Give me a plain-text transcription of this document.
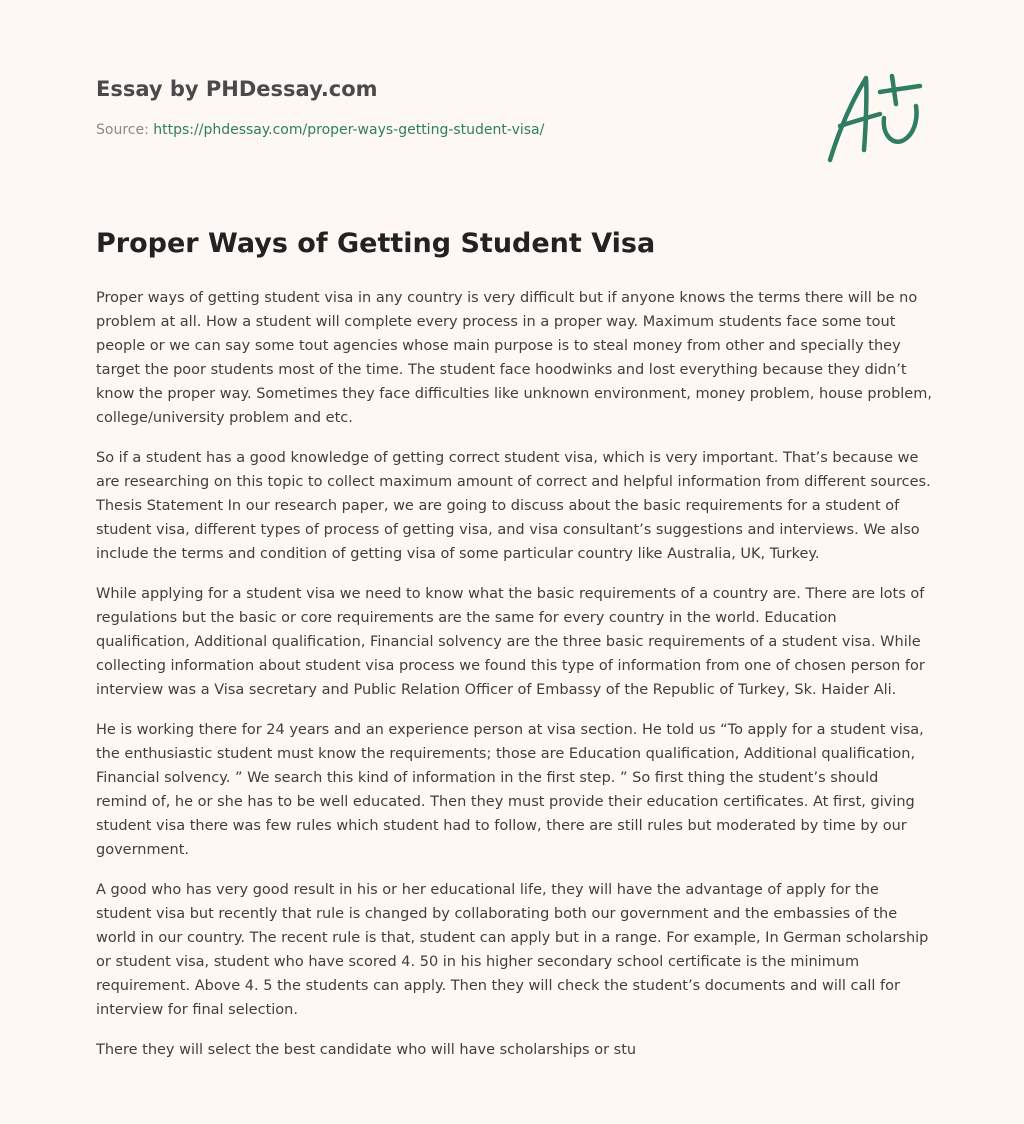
Essay by PHDessay.com
Source: https://phdessay.com/proper-ways-getting-student-visa/
Proper Ways of Getting Student Visa

Proper ways of getting student visa in any country is very difficult but if anyone knows the terms there will be no problem at all. How a student will complete every process in a proper way. Maximum students face some tout people or we can say some tout agencies whose main purpose is to steal money from other and specially they target the poor students most of the time. The student face hoodwinks and lost everything because they didn’t know the proper way. Sometimes they face difficulties like unknown environment, money problem, house problem, college/university problem and etc.

So if a student has a good knowledge of getting correct student visa, which is very important. That’s because we are researching on this topic to collect maximum amount of correct and helpful information from different sources. Thesis Statement In our research paper, we are going to discuss about the basic requirements for a student of student visa, different types of process of getting visa, and visa consultant’s suggestions and interviews. We also include the terms and condition of getting visa of some particular country like Australia, UK, Turkey.

While applying for a student visa we need to know what the basic requirements of a country are. There are lots of regulations but the basic or core requirements are the same for every country in the world. Education qualification, Additional qualification, Financial solvency are the three basic requirements of a student visa. While collecting information about student visa process we found this type of information from one of chosen person for interview was a Visa secretary and Public Relation Officer of Embassy of the Republic of Turkey, Sk. Haider Ali.

He is working there for 24 years and an experience person at visa section. He told us “To apply for a student visa, the enthusiastic student must know the requirements; those are Education qualification, Additional qualification, Financial solvency. ” We search this kind of information in the first step. ” So first thing the student’s should remind of, he or she has to be well educated. Then they must provide their education certificates. At first, giving student visa there was few rules which student had to follow, there are still rules but moderated by time by our government.

A good who has very good result in his or her educational life, they will have the advantage of apply for the student visa but recently that rule is changed by collaborating both our government and the embassies of the world in our country. The recent rule is that, student can apply but in a range. For example, In German scholarship or student visa, student who have scored 4. 50 in his higher secondary school certificate is the minimum requirement. Above 4. 5 the students can apply. Then they will check the student’s documents and will call for interview for final selection.

There they will select the best candidate who will have scholarships or stu
